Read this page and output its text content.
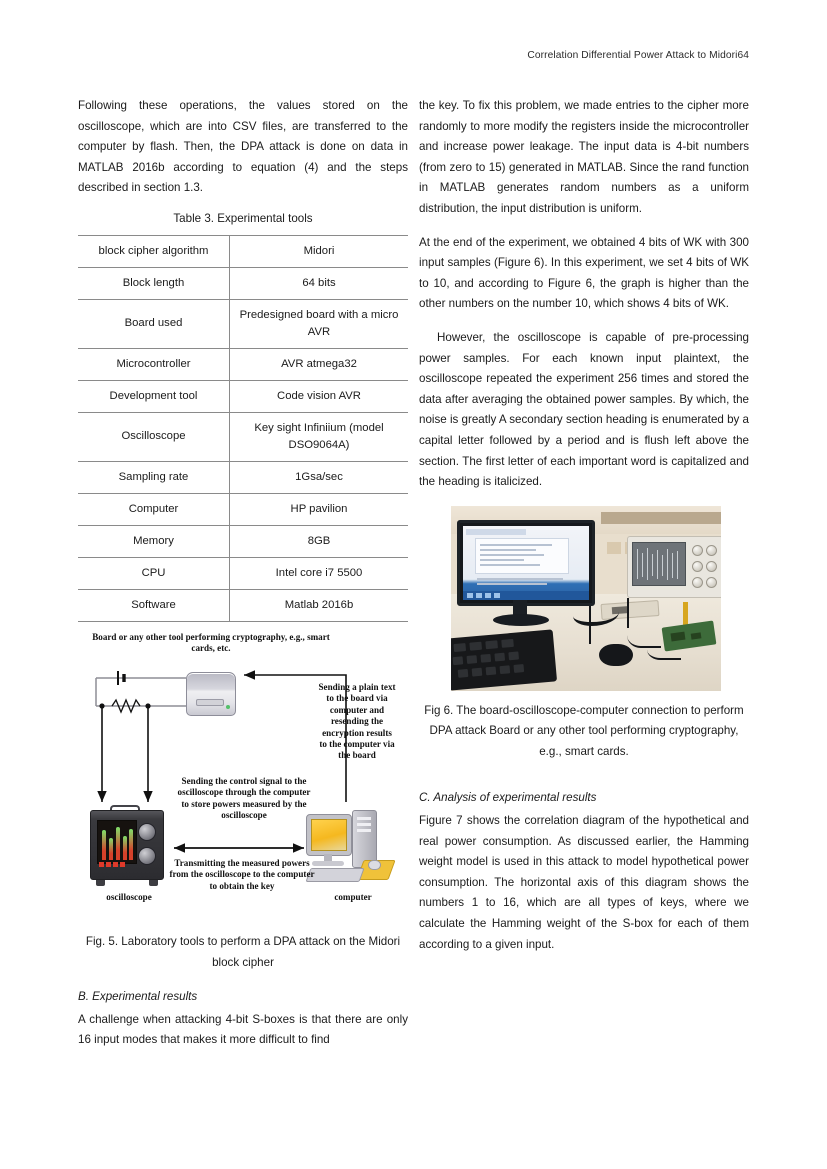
Correlation Differential Power Attack to Midori64

Following these operations, the values stored on the oscilloscope, which are into CSV files, are transferred to the computer by flash. Then, the DPA attack is done on data in MATLAB 2016b according to equation (4) and the steps described in section 1.3.

Table 3. Experimental tools
block cipher algorithm	Midori
Block length	64 bits
Board used	Predesigned board with a micro AVR
Microcontroller	AVR atmega32
Development tool	Code vision AVR
Oscilloscope	Key sight Infiniium (model DSO9064A)
Sampling rate	1Gsa/sec
Computer	HP pavilion
Memory	8GB
CPU	Intel core i7 5500
Software	Matlab 2016b
Board or any other tool performing cryptography, e.g., smart cards, etc.
Sending a plain text to the board via computer and resending the encryption results to the computer via the board
Sending the control signal to the oscilloscope through the computer to store powers measured by the oscilloscope
Transmitting the measured powers from the oscilloscope to the computer to obtain the key
oscilloscope	computer
Fig. 5. Laboratory tools to perform a DPA attack on the Midori block cipher
B. Experimental results

A challenge when attacking 4-bit S-boxes is that there are only 16 input modes that makes it more difficult to find

the key. To fix this problem, we made entries to the cipher more randomly to more modify the registers inside the microcontroller and increase power leakage. The input data is 4-bit numbers (from zero to 15) generated in MATLAB. Since the rand function in MATLAB generates random numbers as a uniform distribution, the input distribution is uniform.

At the end of the experiment, we obtained 4 bits of WK with 300 input samples (Figure 6). In this experiment, we set 4 bits of WK to 10, and according to Figure 6, the graph is higher than the other numbers on the number 10, which shows 4 bits of WK.

However, the oscilloscope is capable of pre-processing power samples. For each known input plaintext, the oscilloscope repeated the experiment 256 times and stored the data after averaging the obtained power samples. By which, the noise is greatly A secondary section heading is enumerated by a capital letter followed by a period and is flush left above the section. The first letter of each important word is capitalized and the heading is italicized.

Fig 6. The board-oscilloscope-computer connection to perform DPA attack Board or any other tool performing cryptography, e.g., smart cards.
C. Analysis of experimental results

Figure 7 shows the correlation diagram of the hypothetical and real power consumption. As discussed earlier, the Hamming weight model is used in this attack to model hypothetical power consumption. The horizontal axis of this diagram shows the numbers 1 to 16, which are all types of keys, where we calculate the Hamming weight of the S-box for each of them according to a given input.
